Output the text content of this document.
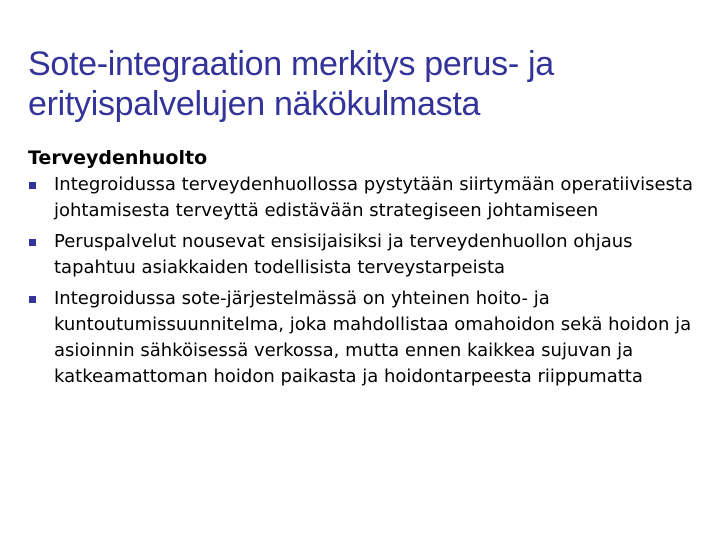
Sote-integraation merkitys perus- ja erityispalvelujen näkökulmasta

Terveydenhuolto

Integroidussa terveydenhuollossa pystytään siirtymään operatiivisesta johtamisesta terveyttä edistävään strategiseen johtamiseen
Peruspalvelut nousevat ensisijaisiksi ja terveydenhuollon ohjaus tapahtuu asiakkaiden todellisista terveystarpeista
Integroidussa sote-järjestelmässä on yhteinen hoito- ja kuntoutumissuunnitelma, joka mahdollistaa omahoidon sekä hoidon ja asioinnin sähköisessä verkossa, mutta ennen kaikkea sujuvan ja katkeamattoman hoidon paikasta ja hoidontarpeesta riippumatta
